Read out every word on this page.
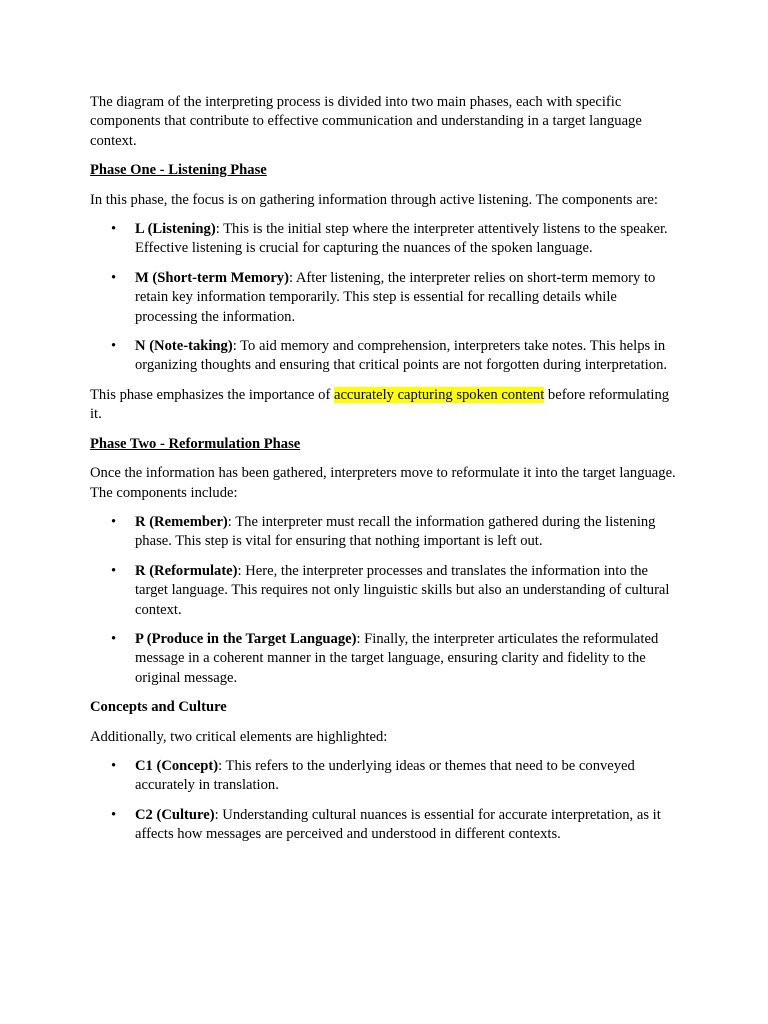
The diagram of the interpreting process is divided into two main phases, each with specific components that contribute to effective communication and understanding in a target language context.

Phase One - Listening Phase

In this phase, the focus is on gathering information through active listening. The components are:

• L (Listening): This is the initial step where the interpreter attentively listens to the speaker. Effective listening is crucial for capturing the nuances of the spoken language.
• M (Short-term Memory): After listening, the interpreter relies on short-term memory to retain key information temporarily. This step is essential for recalling details while processing the information.
• N (Note-taking): To aid memory and comprehension, interpreters take notes. This helps in organizing thoughts and ensuring that critical points are not forgotten during interpretation.

This phase emphasizes the importance of accurately capturing spoken content before reformulating it.

Phase Two - Reformulation Phase

Once the information has been gathered, interpreters move to reformulate it into the target language. The components include:

• R (Remember): The interpreter must recall the information gathered during the listening phase. This step is vital for ensuring that nothing important is left out.
• R (Reformulate): Here, the interpreter processes and translates the information into the target language. This requires not only linguistic skills but also an understanding of cultural context.
• P (Produce in the Target Language): Finally, the interpreter articulates the reformulated message in a coherent manner in the target language, ensuring clarity and fidelity to the original message.

Concepts and Culture

Additionally, two critical elements are highlighted:

• C1 (Concept): This refers to the underlying ideas or themes that need to be conveyed accurately in translation.
• C2 (Culture): Understanding cultural nuances is essential for accurate interpretation, as it affects how messages are perceived and understood in different contexts.
